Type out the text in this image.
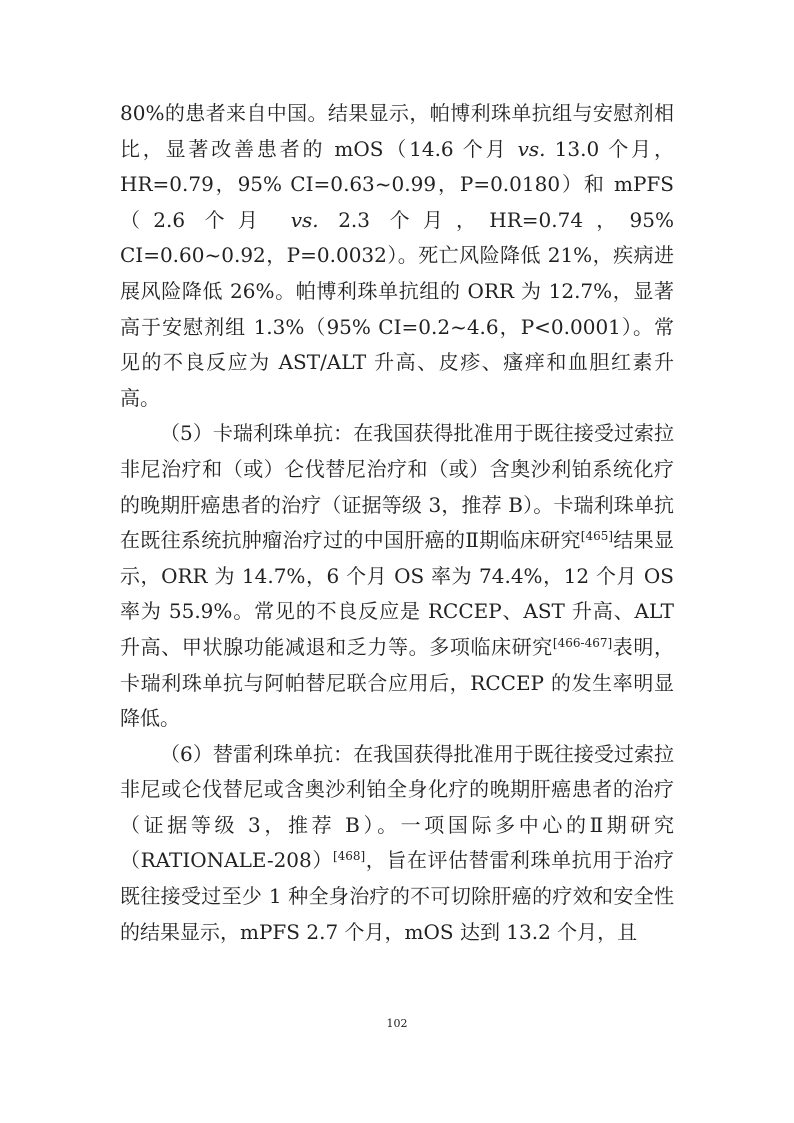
80%的患者来自中国。结果显示，帕博利珠单抗组与安慰剂相比，显著改善患者的 mOS（14.6 个月 vs. 13.0 个月，HR=0.79，95% CI=0.63~0.99，P=0.0180）和 mPFS（2.6 个月 vs. 2.3 个月，HR=0.74，95% CI=0.60~0.92，P=0.0032）。死亡风险降低 21%，疾病进展风险降低 26%。帕博利珠单抗组的 ORR 为 12.7%，显著高于安慰剂组 1.3%（95% CI=0.2~4.6，P<0.0001）。常见的不良反应为 AST/ALT 升高、皮疹、瘙痒和血胆红素升高。

（5）卡瑞利珠单抗：在我国获得批准用于既往接受过索拉非尼治疗和（或）仑伐替尼治疗和（或）含奥沙利铂系统化疗的晚期肝癌患者的治疗（证据等级 3，推荐 B）。卡瑞利珠单抗在既往系统抗肿瘤治疗过的中国肝癌的Ⅱ期临床研究[465]结果显示，ORR 为 14.7%，6 个月 OS 率为 74.4%，12 个月 OS 率为 55.9%。常见的不良反应是 RCCEP、AST 升高、ALT 升高、甲状腺功能减退和乏力等。多项临床研究[466-467]表明，卡瑞利珠单抗与阿帕替尼联合应用后，RCCEP 的发生率明显降低。

（6）替雷利珠单抗：在我国获得批准用于既往接受过索拉非尼或仑伐替尼或含奥沙利铂全身化疗的晚期肝癌患者的治疗（证据等级 3，推荐 B）。一项国际多中心的Ⅱ期研究（RATIONALE-208）[468]，旨在评估替雷利珠单抗用于治疗既往接受过至少 1 种全身治疗的不可切除肝癌的疗效和安全性的结果显示，mPFS 2.7 个月，mOS 达到 13.2 个月，且

102
